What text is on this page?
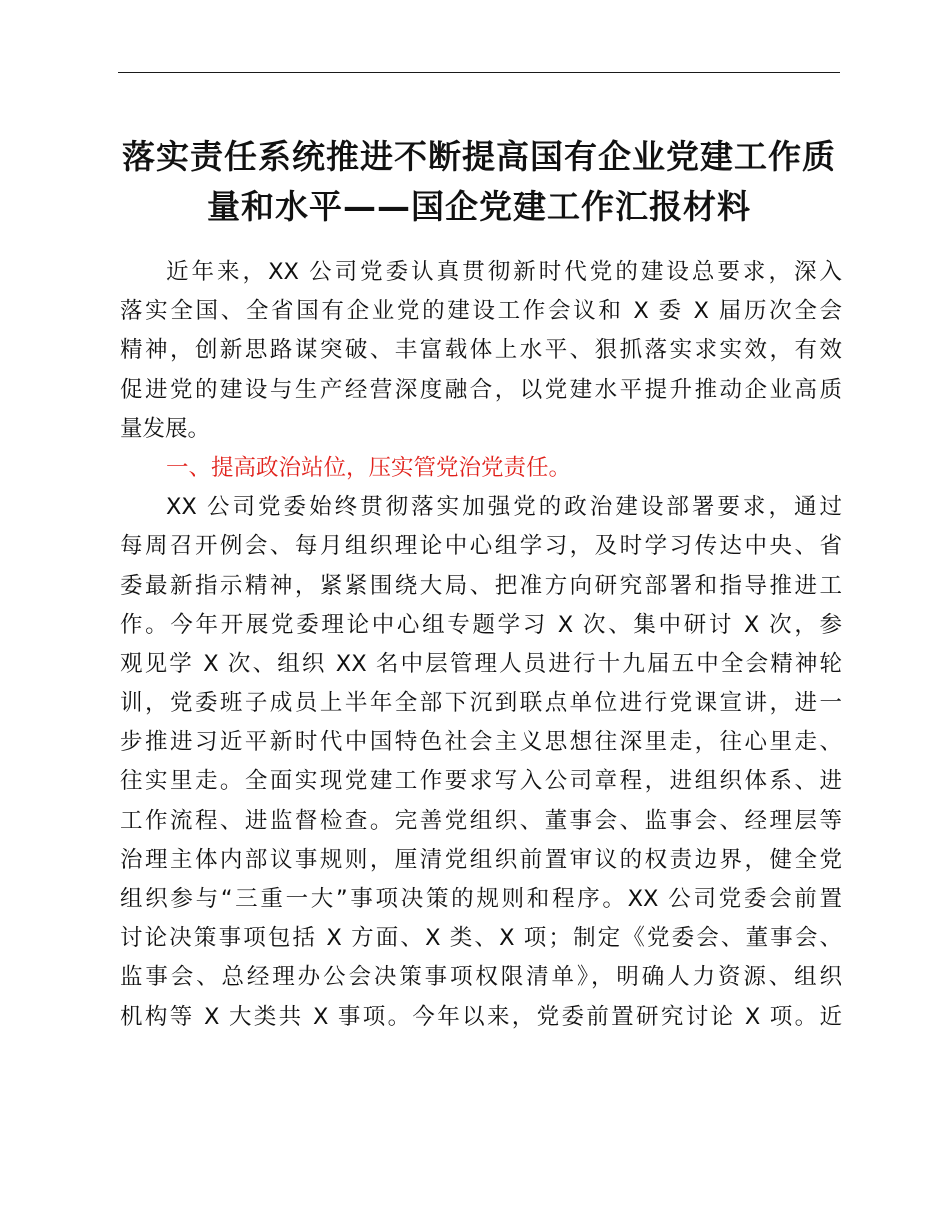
落实责任系统推进不断提高国有企业党建工作质
量和水平——国企党建工作汇报材料
近年来，XX 公司党委认真贯彻新时代党的建设总要求，深入
落实全国、全省国有企业党的建设工作会议和 X 委 X 届历次全会
精神，创新思路谋突破、丰富载体上水平、狠抓落实求实效，有效
促进党的建设与生产经营深度融合，以党建水平提升推动企业高质
量发展。
一、提高政治站位，压实管党治党责任。
XX 公司党委始终贯彻落实加强党的政治建设部署要求，通过
每周召开例会、每月组织理论中心组学习，及时学习传达中央、省
委最新指示精神，紧紧围绕大局、把准方向研究部署和指导推进工
作。今年开展党委理论中心组专题学习 X 次、集中研讨 X 次，参
观见学 X 次、组织 XX 名中层管理人员进行十九届五中全会精神轮
训，党委班子成员上半年全部下沉到联点单位进行党课宣讲，进一
步推进习近平新时代中国特色社会主义思想往深里走，往心里走、
往实里走。全面实现党建工作要求写入公司章程，进组织体系、进
工作流程、进监督检查。完善党组织、董事会、监事会、经理层等
治理主体内部议事规则，厘清党组织前置审议的权责边界，健全党
组织参与“三重一大”事项决策的规则和程序。XX 公司党委会前置
讨论决策事项包括 X 方面、X 类、X 项；制定《党委会、董事会、
监事会、总经理办公会决策事项权限清单》，明确人力资源、组织
机构等 X 大类共 X 事项。今年以来，党委前置研究讨论 X 项。近
